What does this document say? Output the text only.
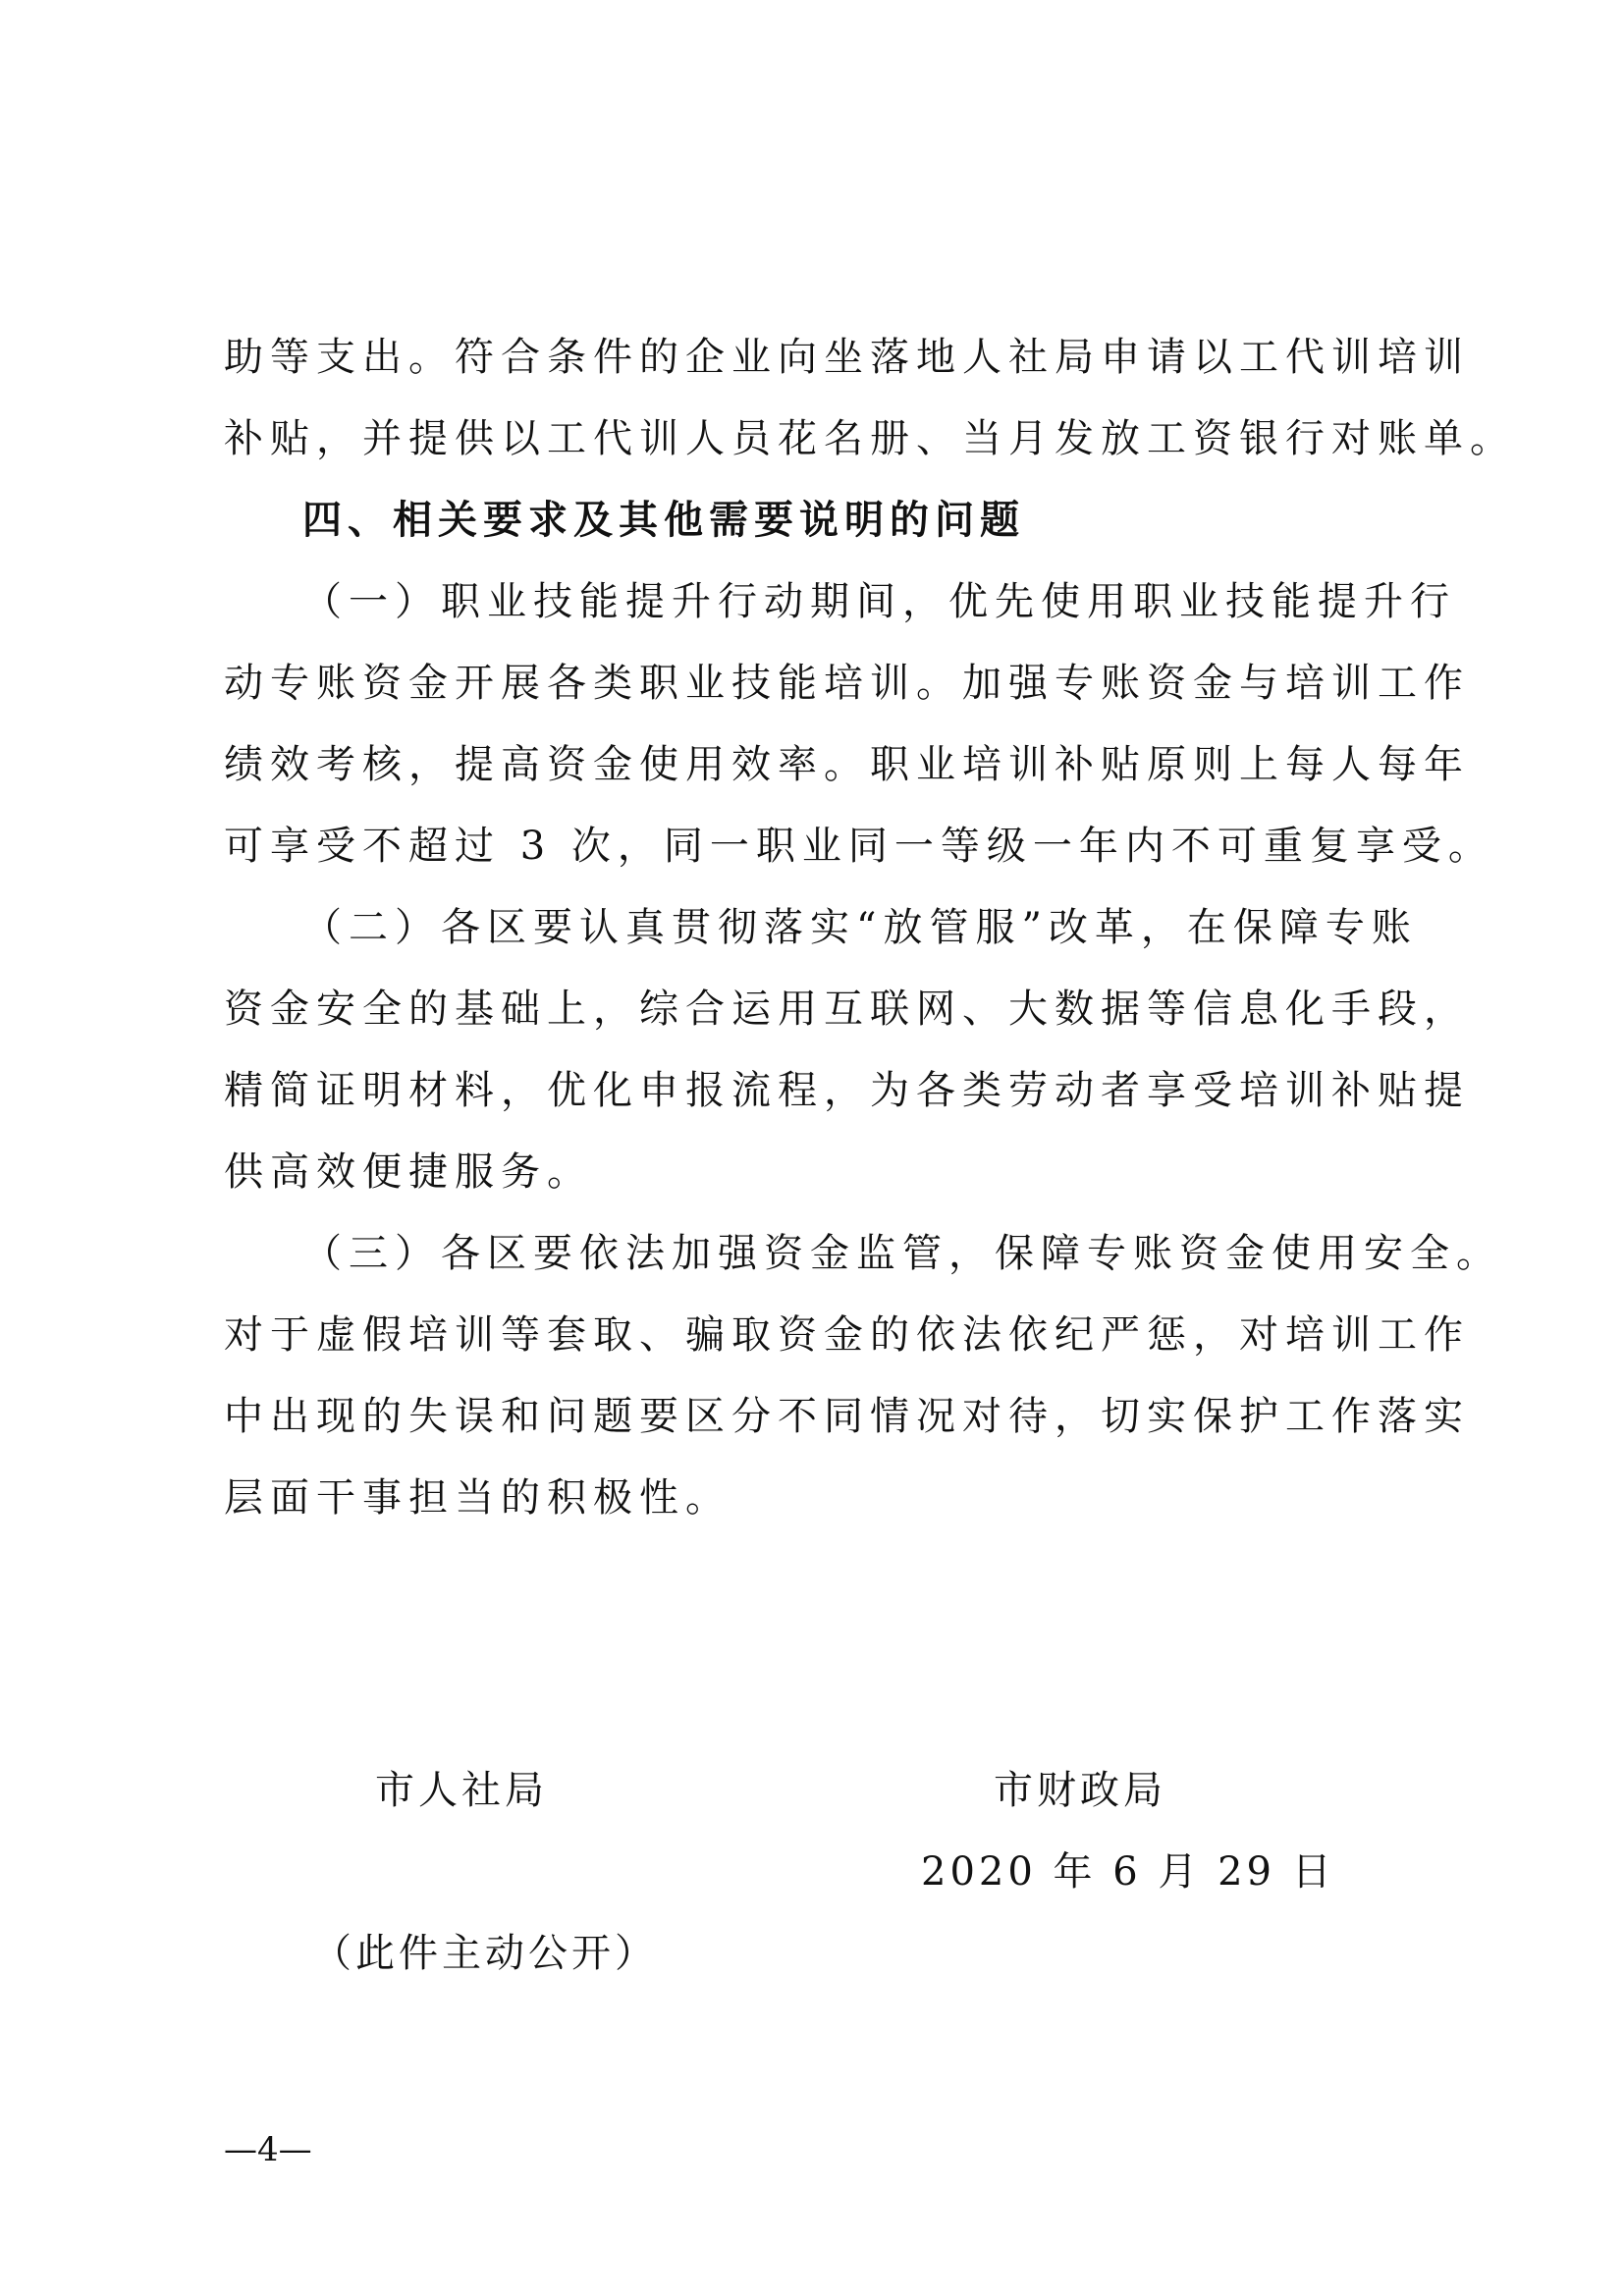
助等支出。符合条件的企业向坐落地人社局申请以工代训培训
补贴，并提供以工代训人员花名册、当月发放工资银行对账单。
四、相关要求及其他需要说明的问题
（一）职业技能提升行动期间，优先使用职业技能提升行
动专账资金开展各类职业技能培训。加强专账资金与培训工作
绩效考核，提高资金使用效率。职业培训补贴原则上每人每年
可享受不超过 3 次，同一职业同一等级一年内不可重复享受。
（二）各区要认真贯彻落实“放管服”改革，在保障专账
资金安全的基础上，综合运用互联网、大数据等信息化手段，
精简证明材料，优化申报流程，为各类劳动者享受培训补贴提
供高效便捷服务。
（三）各区要依法加强资金监管，保障专账资金使用安全。
对于虚假培训等套取、骗取资金的依法依纪严惩，对培训工作
中出现的失误和问题要区分不同情况对待，切实保护工作落实
层面干事担当的积极性。
市人社局	市财政局
2020 年 6 月 29 日
（此件主动公开）
—4—
